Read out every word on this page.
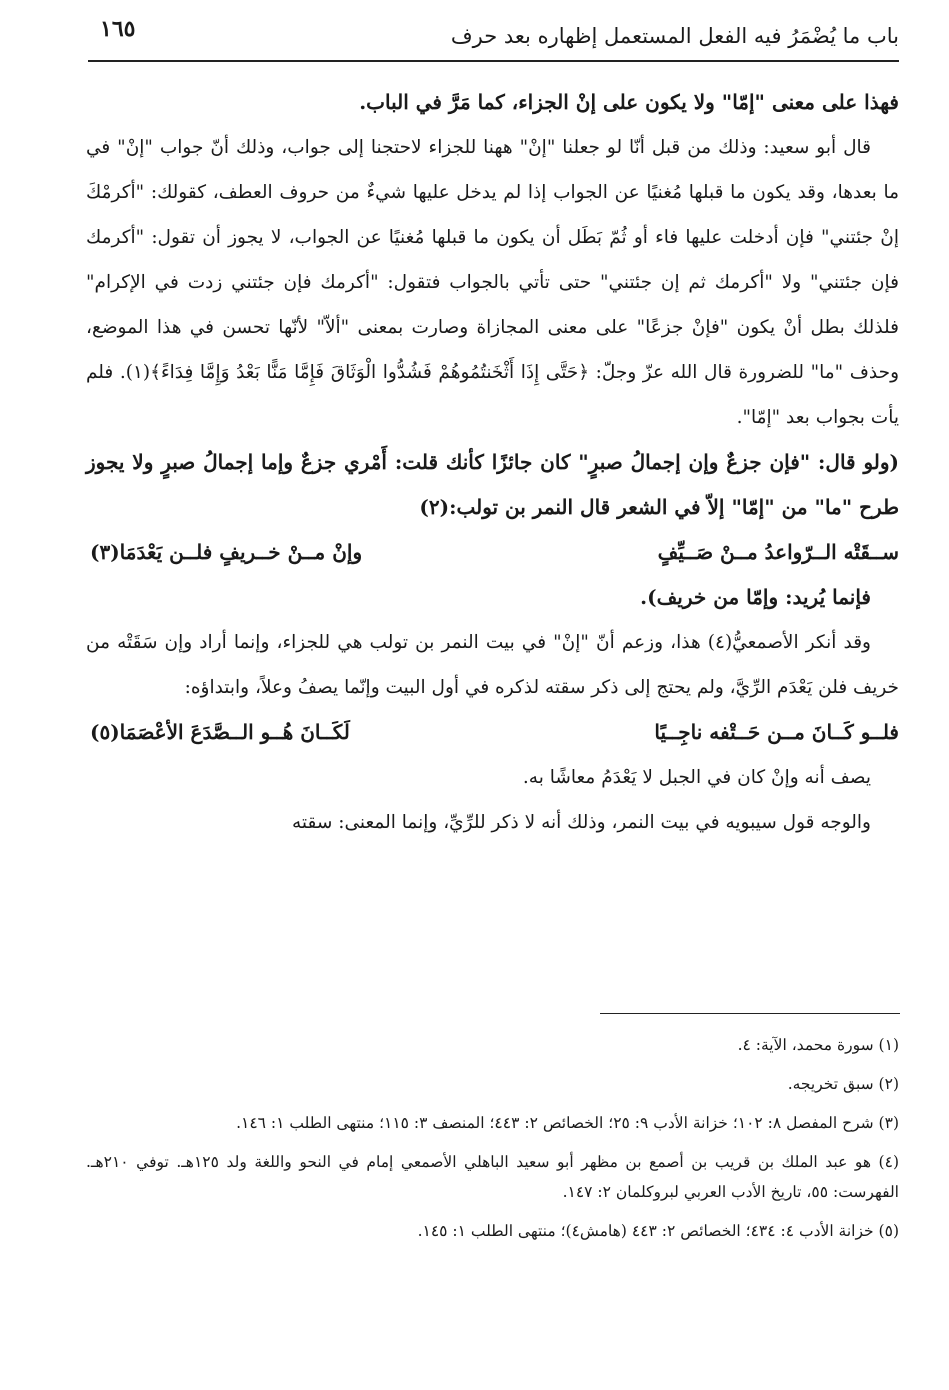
باب ما يُضْمَرُ فيه الفعل المستعمل إظهاره بعد حرف
١٦٥

فهذا على معنى "إمّا" ولا يكون على إنْ الجزاء، كما مَرَّ في الباب.

قال أبو سعيد: وذلك من قبل أنّا لو جعلنا "إنْ" ههنا للجزاء لاحتجنا إلى جواب، وذلك أنّ جواب "إنْ" في ما بعدها، وقد يكون ما قبلها مُغنيًا عن الجواب إذا لم يدخل عليها شيءٌ من حروف العطف، كقولك: "أكرمْكَ إنْ جئتني" فإن أدخلت عليها فاء أو ثُمّ بَطَل أن يكون ما قبلها مُغنيًا عن الجواب، لا يجوز أن تقول: "أكرمك فإن جئتني" ولا "أكرمك ثم إن جئتني" حتى تأتي بالجواب فتقول: "أكرمك فإن جئتني زدت في الإكرام" فلذلك بطل أنْ يكون "فإنْ جزعًا" على معنى المجازاة وصارت بمعنى "ألاّ" لأنّها تحسن في هذا الموضع، وحذف "ما" للضرورة قال الله عزّ وجلّ: ﴿حَتَّى إِذَا أَثْخَنتُمُوهُمْ فَشُدُّوا الْوَثَاقَ فَإِمَّا مَنًّا بَعْدُ وَإِمَّا فِدَاءً﴾(١). فلم يأت بجواب بعد "إمّا".

(ولو قال: "فإن جزعٌ وإن إجمالُ صبرٍ" كان جائزًا كأنك قلت: أَمْري جزعٌ وإما إجمالُ صبرٍ ولا يجوز طرح "ما" من "إمّا" إلاّ في الشعر قال النمر بن تولب:(٢)

ســقَتْه الــرّواعدُ مــنْ صَــيِّفٍ
وإنْ مــنْ خــريفٍ فلــن يَعْدَمَا(٣)

فإنما يُريد: وإمّا من خريف).

وقد أنكر الأصمعيُّ(٤) هذا، وزعم أنّ "إنْ" في بيت النمر بن تولب هي للجزاء، وإنما أراد وإن سَقَتْه من خريف فلن يَعْدَم الرِّيَّ، ولم يحتج إلى ذكر سقته لذكره في أول البيت وإنّما يصفُ وعلاً، وابتداؤه:

فلــو كَــانَ مــن حَــتْفه ناجِــيًا
لَكَــانَ هُــو الــصَّدَعَ الأعْصَمَا(٥)

يصف أنه وإنْ كان في الجبل لا يَعْدَمُ معاشًا به.

والوجه قول سيبويه في بيت النمر، وذلك أنه لا ذكر للرِّيِّ، وإنما المعنى: سقته

(١) سورة محمد، الآية: ٤.

(٢) سبق تخريجه.

(٣) شرح المفصل ٨: ١٠٢؛ خزانة الأدب ٩: ٢٥؛ الخصائص ٢: ٤٤٣؛ المنصف ٣: ١١٥؛ منتهى الطلب ١: ١٤٦.

(٤) هو عبد الملك بن قريب بن أصمع بن مظهر أبو سعيد الباهلي الأصمعي إمام في النحو واللغة ولد ١٢٥هـ. توفي ٢١٠هـ. الفهرست: ٥٥، تاريخ الأدب العربي لبروكلمان ٢: ١٤٧.

(٥) خزانة الأدب ٤: ٤٣٤؛ الخصائص ٢: ٤٤٣ (هامش٤)؛ منتهى الطلب ١: ١٤٥.
